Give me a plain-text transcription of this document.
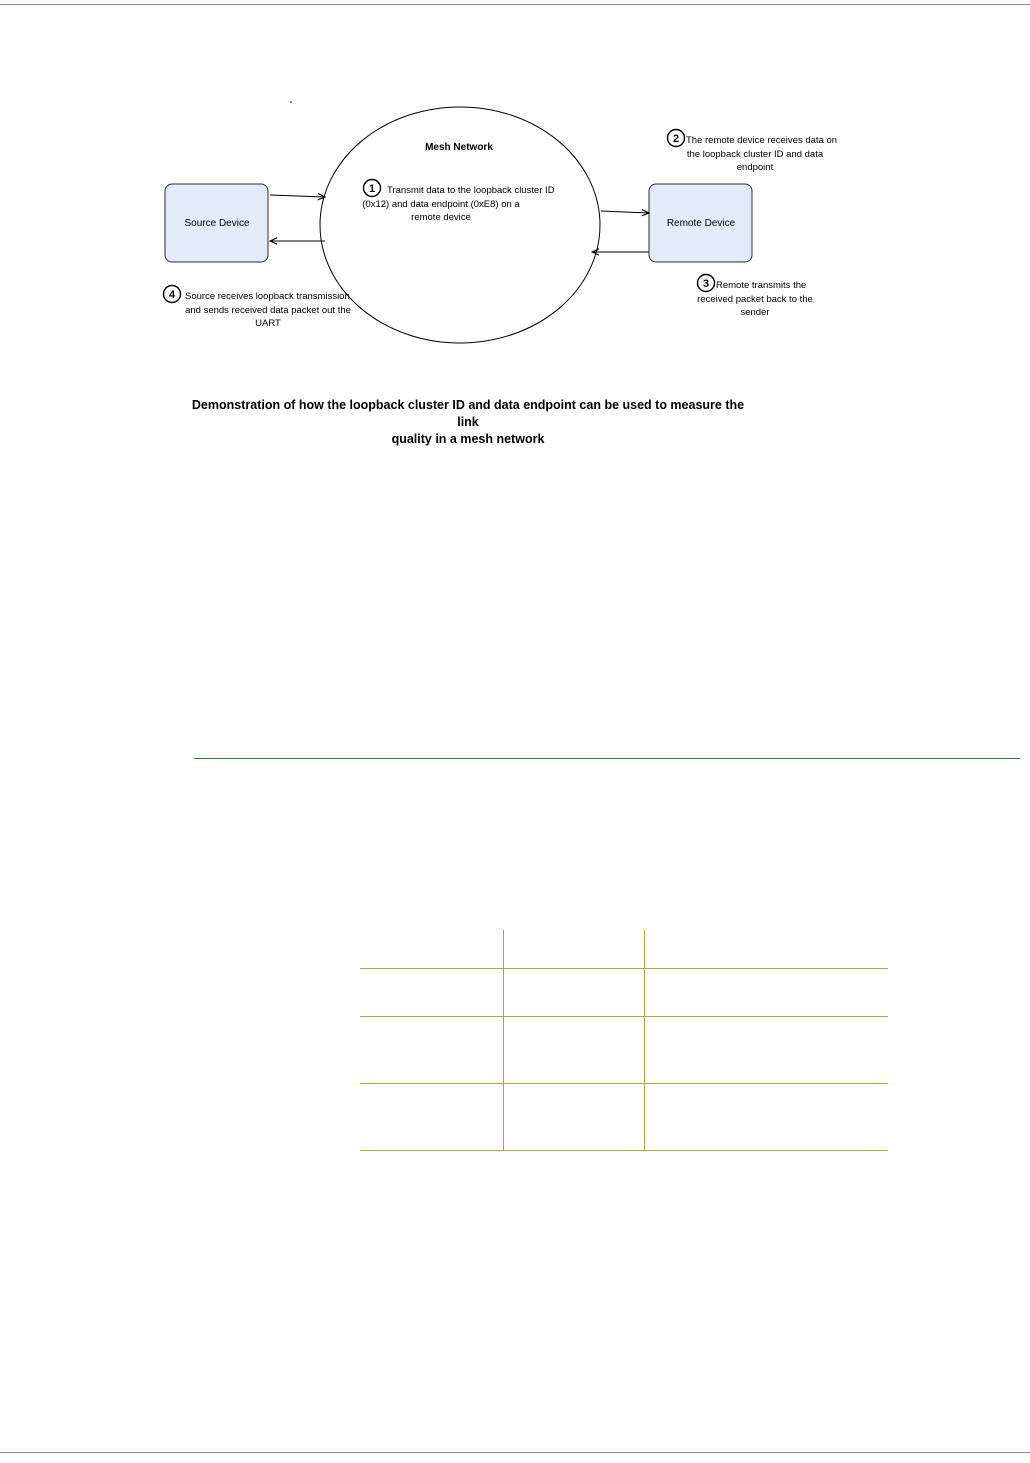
Mesh Network
Source Device	Remote Device
1 Transmit data to the loopback cluster ID
(0x12) and data endpoint (0xE8) on a
remote device
2 The remote device receives data on
the loopback cluster ID and data
endpoint
3 Remote transmits the
received packet back to the
sender
4 Source receives loopback transmission
and sends received data packet out the
UART
Demonstration of how the loopback cluster ID and data endpoint can be used to measure the link
quality in a mesh network
